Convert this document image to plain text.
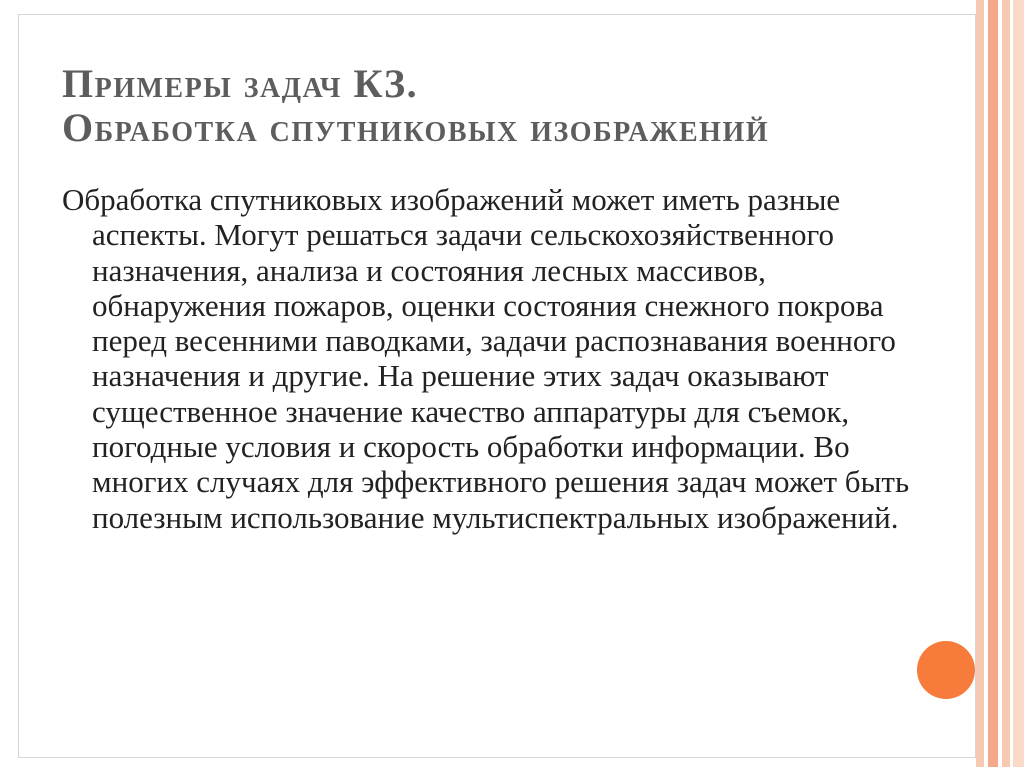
Примеры задач КЗ.
Обработка спутниковых изображений

Обработка спутниковых изображений может иметь разные аспекты. Могут решаться задачи сельскохозяйственного назначения, анализа и состояния лесных массивов, обнаружения пожаров, оценки состояния снежного покрова перед весенними паводками, задачи распознавания военного назначения и другие. На решение этих задач оказывают существенное значение качество аппаратуры для съемок, погодные условия и скорость обработки информации. Во многих случаях для эффективного решения задач может быть полезным использование мультиспектральных изображений.
